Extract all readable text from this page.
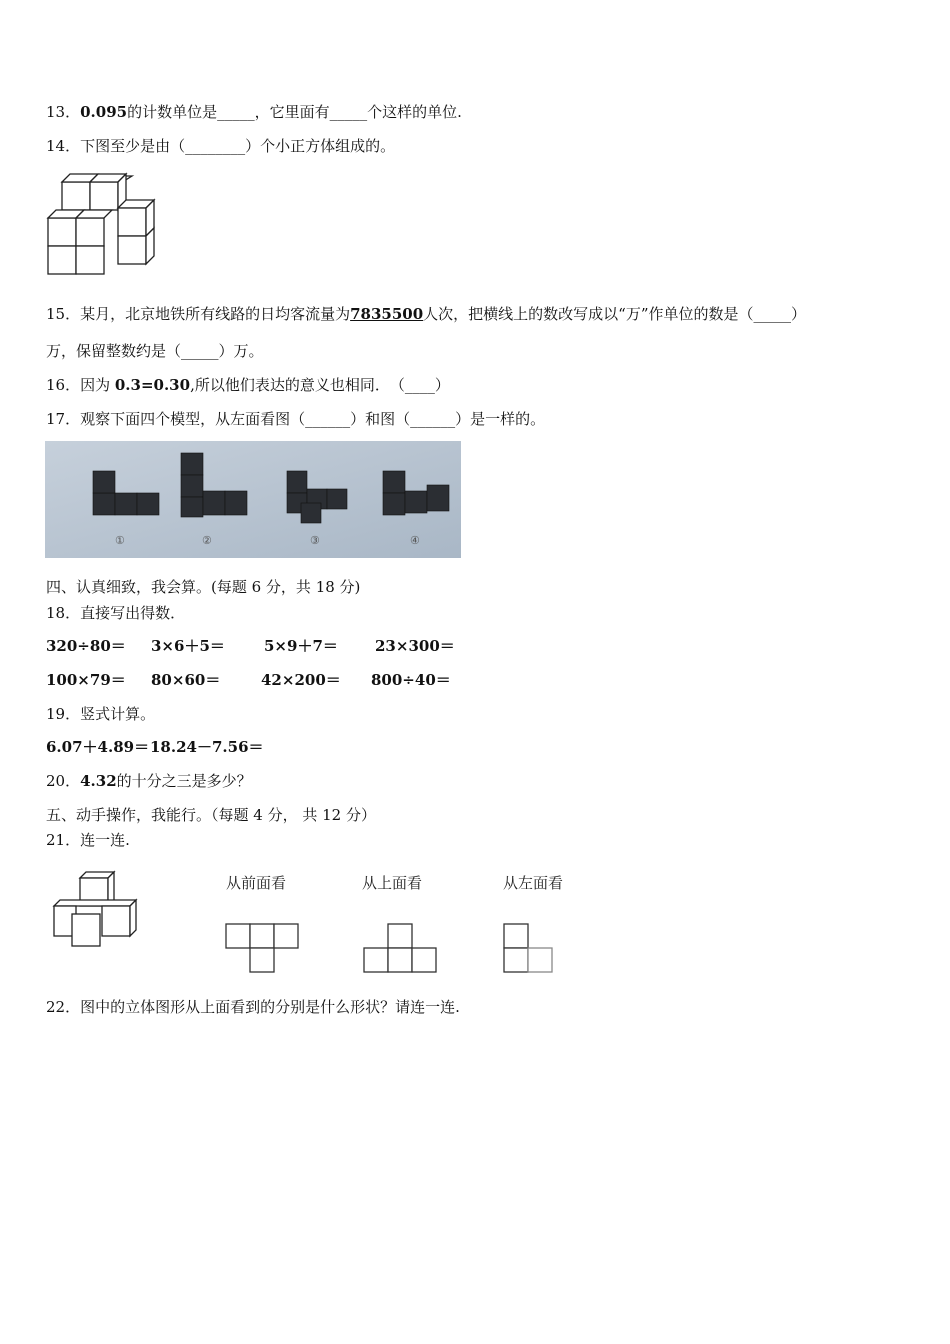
13．0.095的计数单位是_____，它里面有_____个这样的单位.
14．下图至少是由（________）个小正方体组成的。
15．某月，北京地铁所有线路的日均客流量为7835500人次，把横线上的数改写成以“万”作单位的数是（_____）
万，保留整数约是（_____）万。
16．因为 0.3=0.30,所以他们表达的意义也相同．　（____）
17．观察下面四个模型，从左面看图（______）和图（______）是一样的。
①	②	③	④
四、认真细致，我会算。(每题 6 分，共 18 分)
18．直接写出得数．
320÷80＝ 3×6＋5＝	5×9＋7＝ 23×300＝
100×79＝ 80×60＝	42×200＝ 800÷40＝
19．竖式计算。
6.07＋4.89＝ 18.24－7.56＝
20．4.32的十分之三是多少？
五、动手操作，我能行。（每题 4 分， 共 12 分）
21．连一连.
从前面看	从上面看	从左面看
22．图中的立体图形从上面看到的分别是什么形状？请连一连.
